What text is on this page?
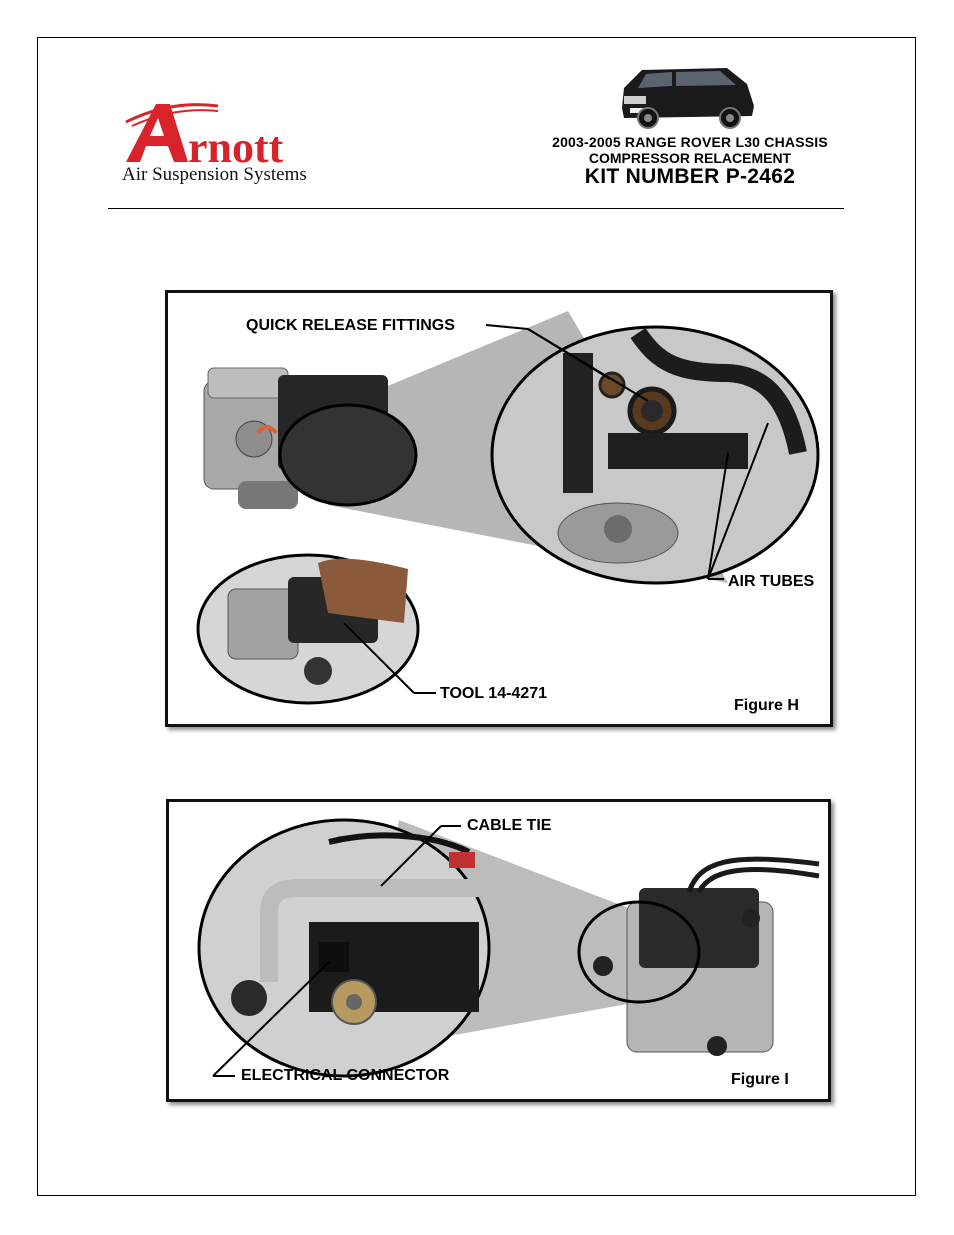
rnott
Air Suspension Systems
2003-2005 RANGE ROVER L30 CHASSIS
COMPRESSOR RELACEMENT
KIT NUMBER P-2462
QUICK RELEASE FITTINGS
AIR TUBES
TOOL 14-4271
Figure H
CABLE TIE
ELECTRICAL CONNECTOR	Figure I
